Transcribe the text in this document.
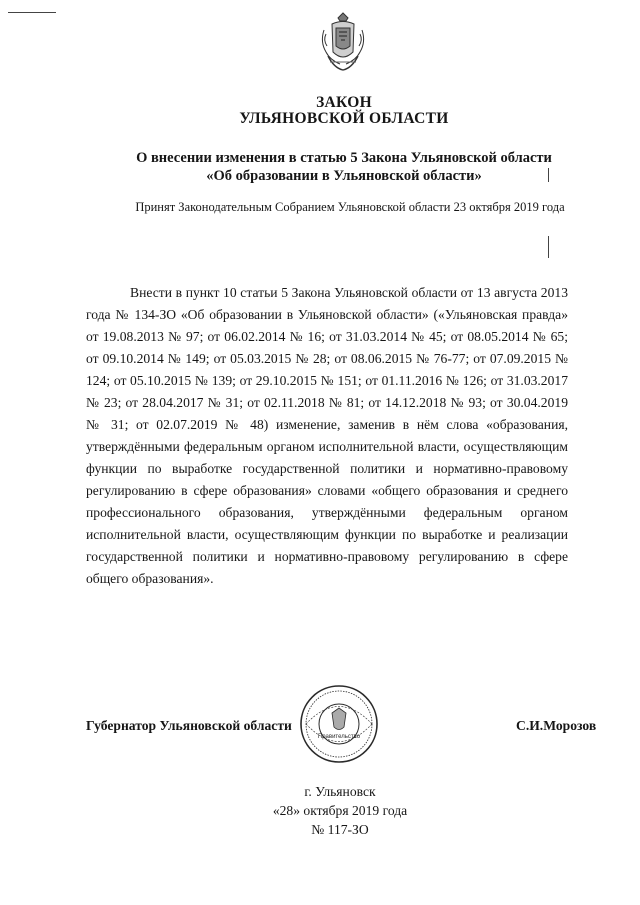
ЗАКОН
УЛЬЯНОВСКОЙ ОБЛАСТИ
О внесении изменения в статью 5 Закона Ульяновской области
«Об образовании в Ульяновской области»
Принят Законодательным Собранием Ульяновской области 23 октября 2019 года

Внести в пункт 10 статьи 5 Закона Ульяновской области от 13 августа 2013 года № 134-ЗО «Об образовании в Ульяновской области» («Ульяновская правда» от 19.08.2013 № 97; от 06.02.2014 № 16; от 31.03.2014 № 45; от 08.05.2014 № 65; от 09.10.2014 № 149; от 05.03.2015 № 28; от 08.06.2015 № 76-77; от 07.09.2015 № 124; от 05.10.2015 № 139; от 29.10.2015 № 151; от 01.11.2016 № 126; от 31.03.2017 № 23; от 28.04.2017 № 31; от 02.11.2018 № 81; от 14.12.2018 № 93; от 30.04.2019 № 31; от 02.07.2019 № 48) изменение, заменив в нём слова «образования, утверждёнными федеральным органом исполнительной власти, осуществляющим функции по выработке государственной политики и нормативно-правовому регулированию в сфере образования» словами «общего образования и среднего профессионального образования, утверждёнными федеральным органом исполнительной власти, осуществляющим функции по выработке и реализации государственной политики и нормативно-правовому регулированию в сфере общего образования».

Правительство
Губернатор Ульяновской области	С.И.Морозов
г. Ульяновск
«28» октября 2019 года
№ 117-ЗО
